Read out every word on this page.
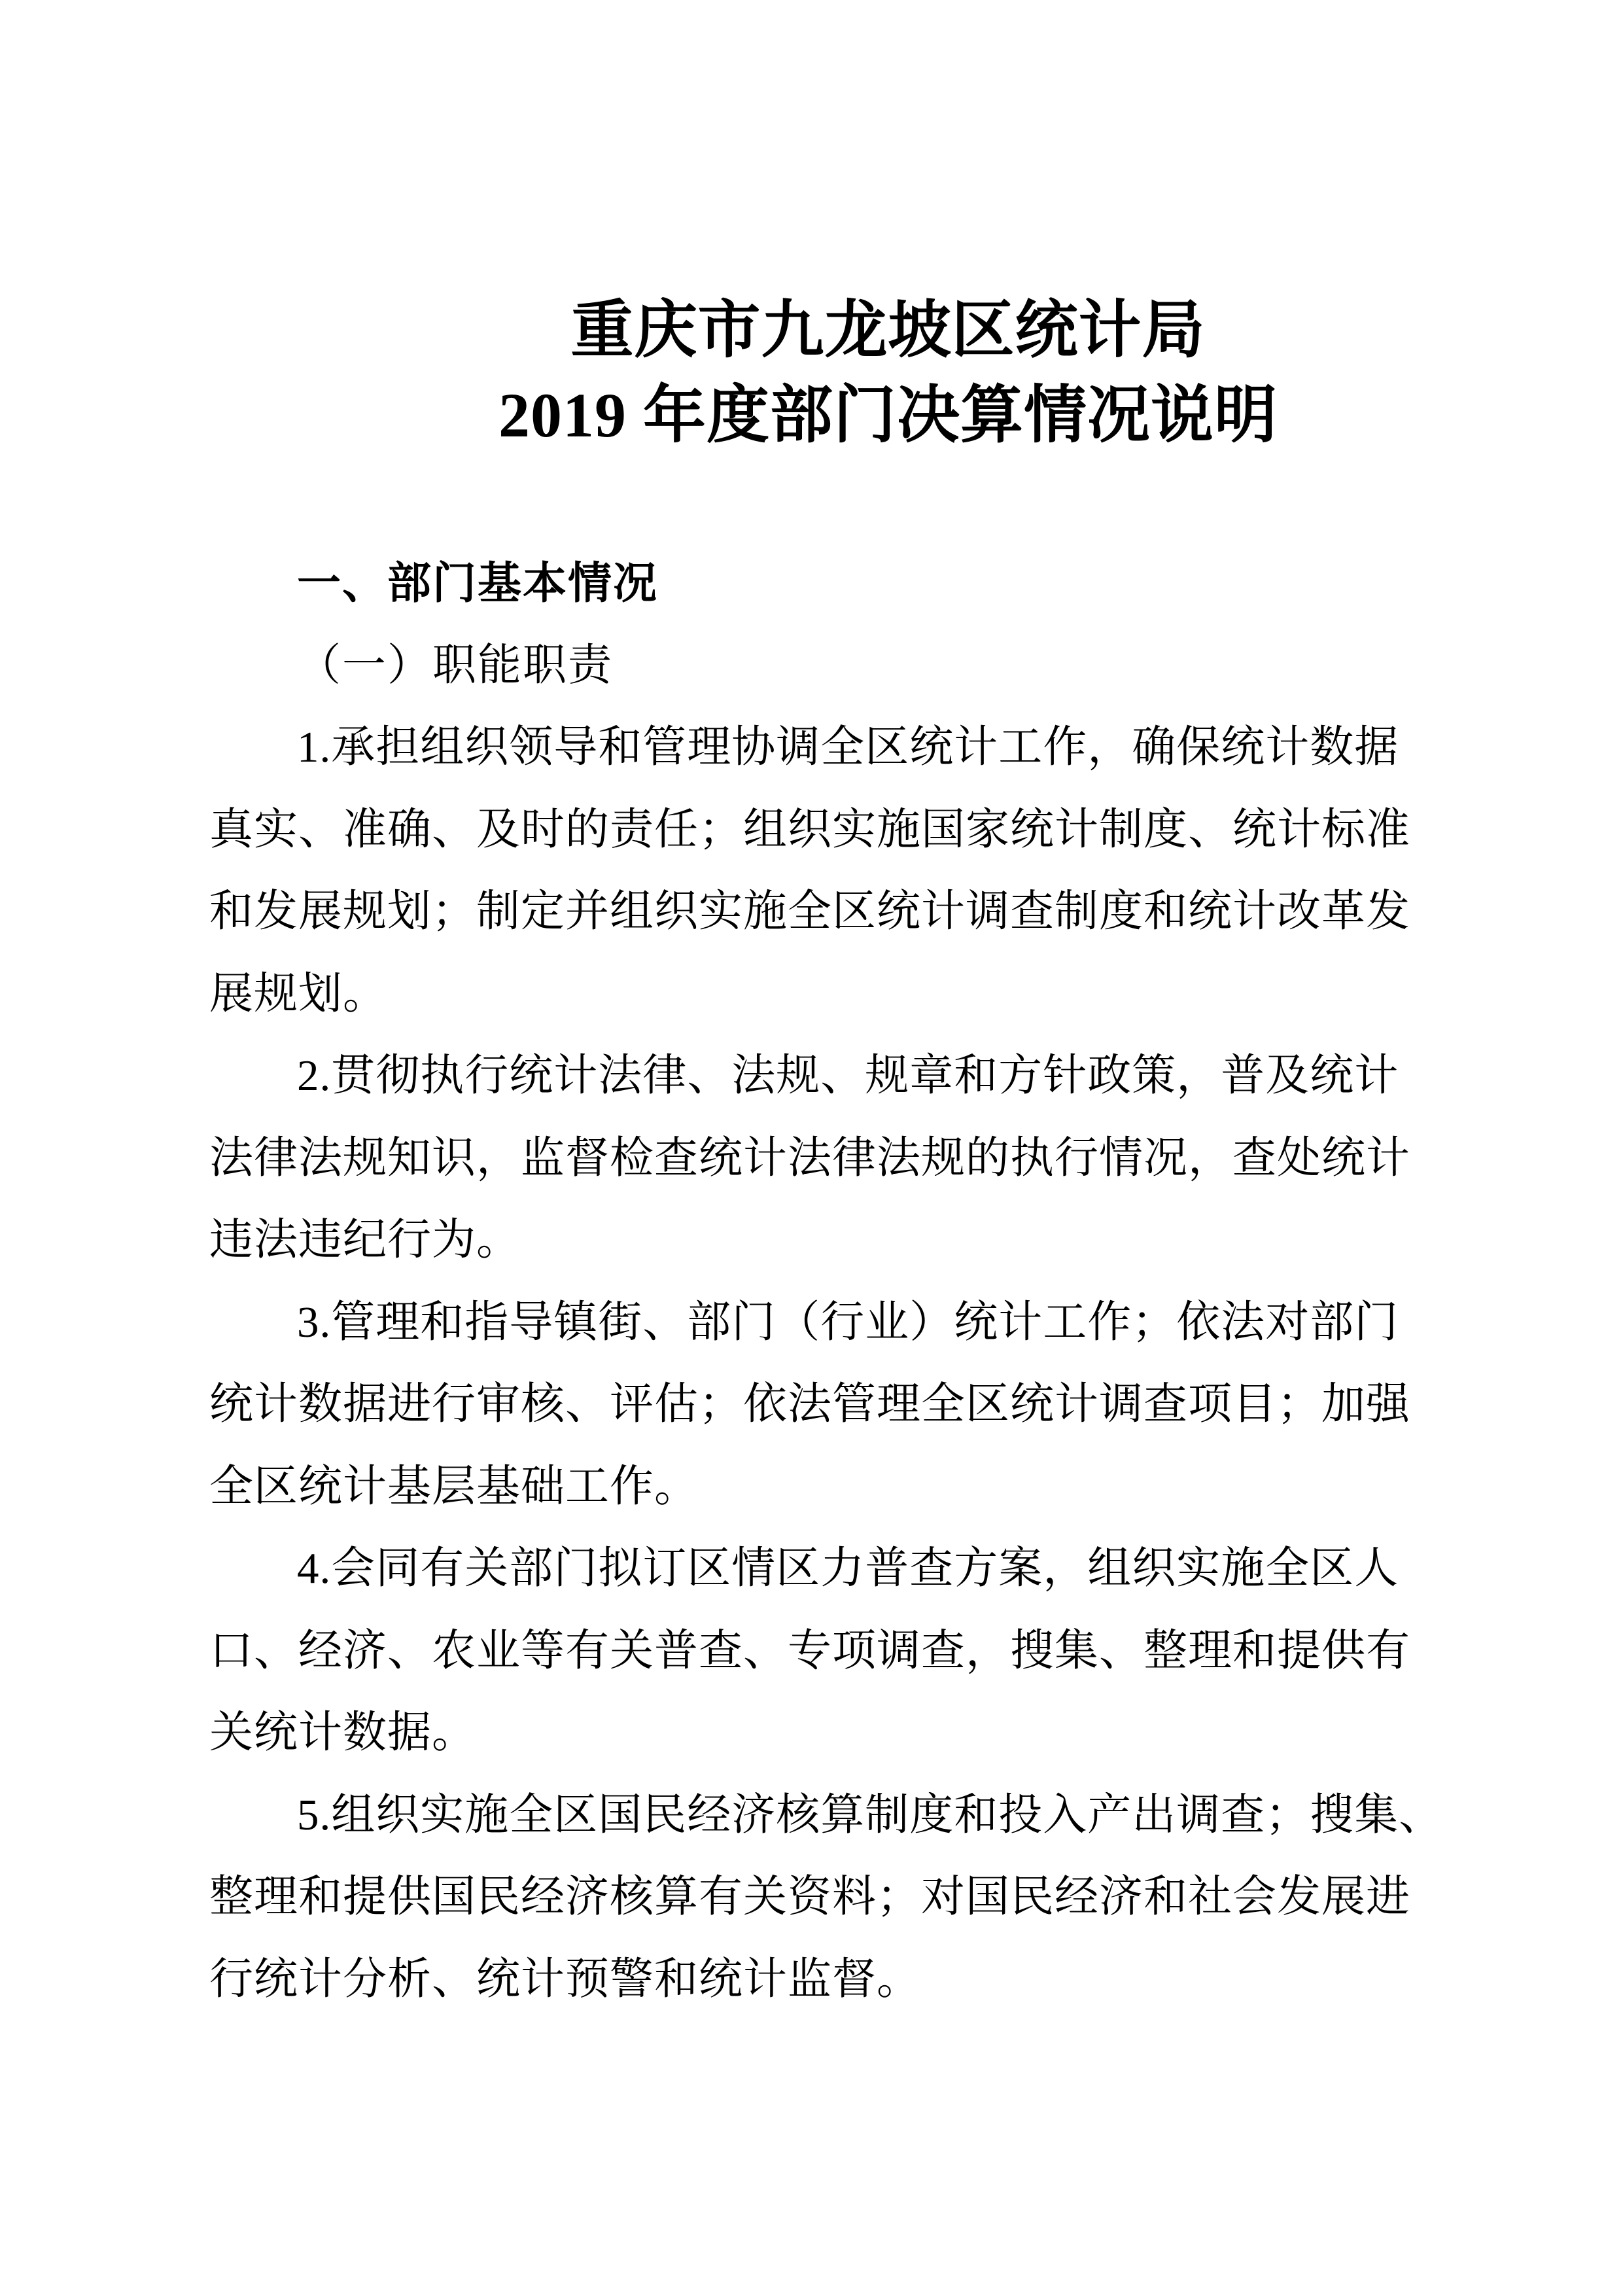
重庆市九龙坡区统计局
2019 年度部门决算情况说明
一、部门基本情况
（一）职能职责
1.承担组织领导和管理协调全区统计工作，确保统计数据
真实、准确、及时的责任；组织实施国家统计制度、统计标准
和发展规划；制定并组织实施全区统计调查制度和统计改革发
展规划。
2.贯彻执行统计法律、法规、规章和方针政策，普及统计
法律法规知识，监督检查统计法律法规的执行情况，查处统计
违法违纪行为。
3.管理和指导镇街、部门（行业）统计工作；依法对部门
统计数据进行审核、评估；依法管理全区统计调查项目；加强
全区统计基层基础工作。
4.会同有关部门拟订区情区力普查方案，组织实施全区人
口、经济、农业等有关普查、专项调查，搜集、整理和提供有
关统计数据。
5.组织实施全区国民经济核算制度和投入产出调查；搜集、
整理和提供国民经济核算有关资料；对国民经济和社会发展进
行统计分析、统计预警和统计监督。
